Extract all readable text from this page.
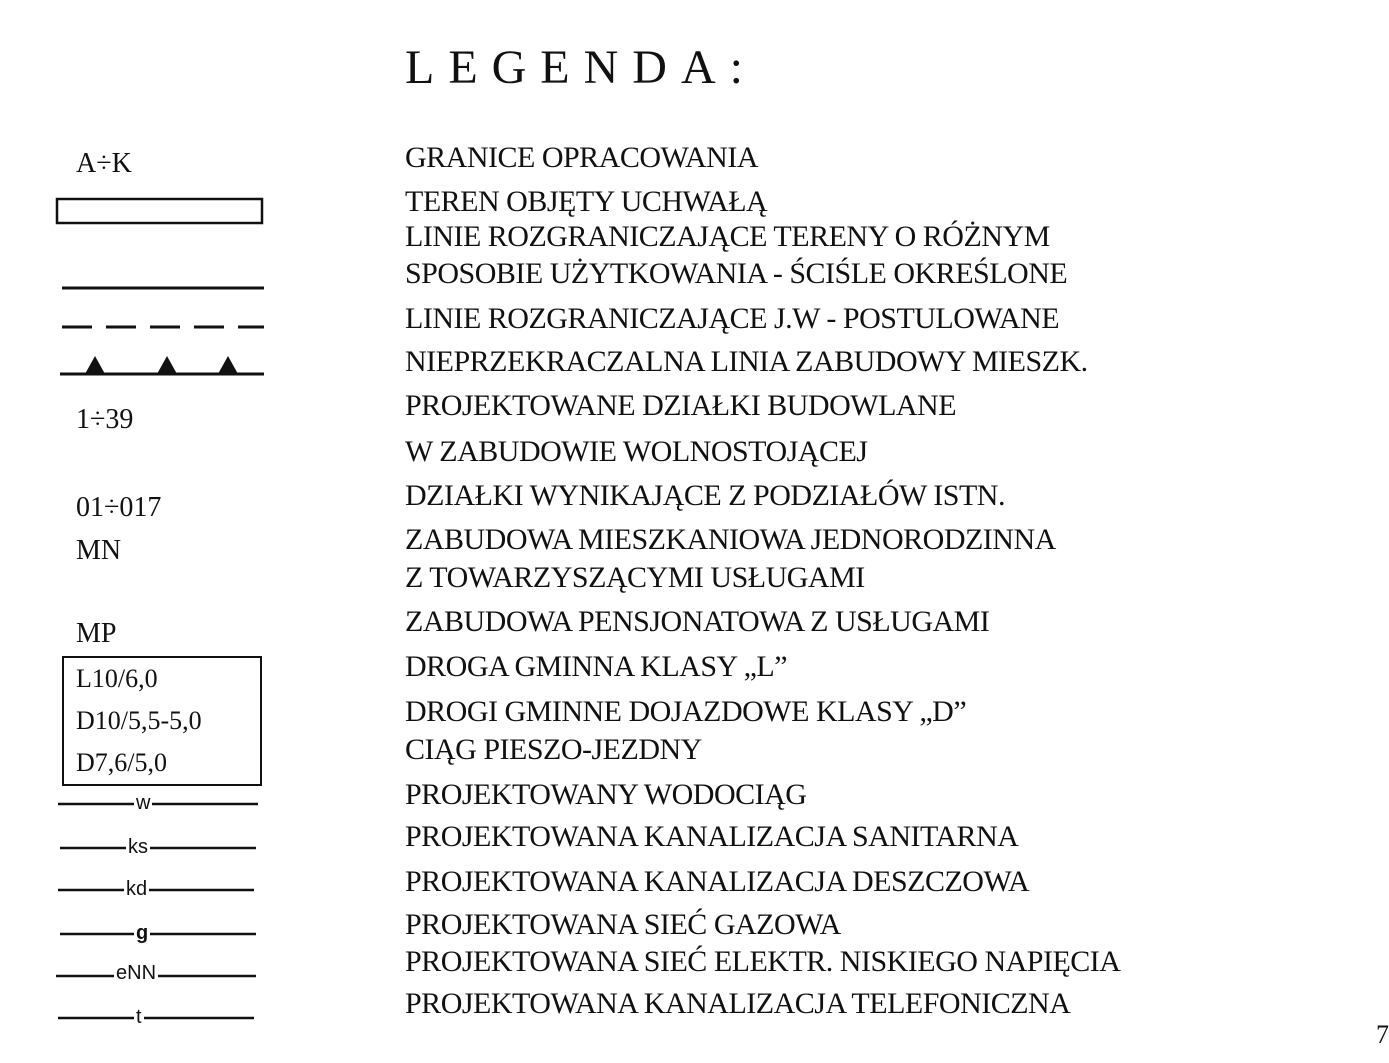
LEGENDA:
GRANICE OPRACOWANIA
TEREN OBJĘTY UCHWAŁĄ
LINIE ROZGRANICZAJĄCE TERENY O RÓŻNYM
SPOSOBIE UŻYTKOWANIA - ŚCIŚLE OKREŚLONE
LINIE ROZGRANICZAJĄCE J.W - POSTULOWANE
NIEPRZEKRACZALNA LINIA ZABUDOWY MIESZK.
PROJEKTOWANE DZIAŁKI BUDOWLANE
W ZABUDOWIE WOLNOSTOJĄCEJ
DZIAŁKI WYNIKAJĄCE Z PODZIAŁÓW ISTN.
ZABUDOWA MIESZKANIOWA JEDNORODZINNA
Z TOWARZYSZĄCYMI USŁUGAMI
ZABUDOWA PENSJONATOWA Z USŁUGAMI
DROGA GMINNA KLASY „L”
DROGI GMINNE DOJAZDOWE KLASY „D”
CIĄG PIESZO-JEZDNY
PROJEKTOWANY WODOCIĄG
PROJEKTOWANA KANALIZACJA SANITARNA
PROJEKTOWANA KANALIZACJA DESZCZOWA
PROJEKTOWANA SIEĆ GAZOWA
PROJEKTOWANA SIEĆ ELEKTR. NISKIEGO NAPIĘCIA
PROJEKTOWANA KANALIZACJA TELEFONICZNA
A÷K
1÷39
01÷017
MN
MP
L10/6,0
D10/5,5-5,0
D7,6/5,0
w
ks
kd
g
eNN
t
7
